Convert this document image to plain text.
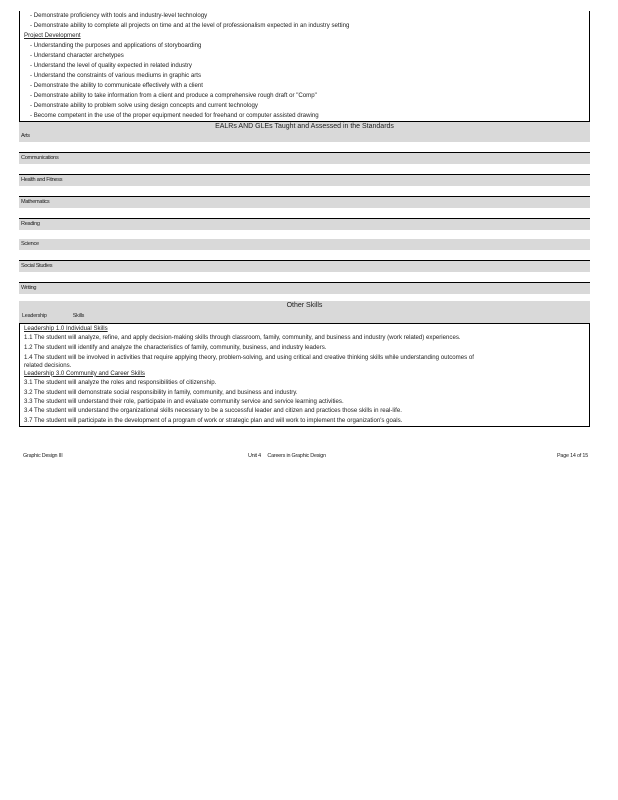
- Demonstrate proficiency with tools and industry-level technology
- Demonstrate ability to complete all projects on time and at the level of professionalism expected in an industry setting
Project Development
- Understanding the purposes and applications of storyboarding
- Understand character archetypes
- Understand the level of quality expected in related industry
- Understand the constraints of various mediums in graphic arts
- Demonstrate the ability to communicate effectively with a client
- Demonstrate ability to take information from a client and produce a comprehensive rough draft or "Comp"
- Demonstrate ability to problem solve using design concepts and current technology
- Become competent in the use of the proper equipment needed for freehand or computer assisted drawing
EALRs AND GLEs Taught and Assessed in the Standards
Arts
Communications
Health and Fitness
Mathematics
Reading
Science
Social Studies
Writing
Other Skills
Leadership	Skills
Leadership 1.0 Individual Skills
1.1 The student will analyze, refine, and apply decision-making skills through classroom, family, community, and business and industry (work related) experiences.
1.2 The student will identify and analyze the characteristics of family, community, business, and industry leaders.
1.4 The student will be involved in activities that require applying theory, problem-solving, and using critical and creative thinking skills while understanding outcomes of
related decisions.
Leadership 3.0 Community and Career Skills
3.1 The student will analyze the roles and responsibilities of citizenship.
3.2 The student will demonstrate social responsibility in family, community, and business and industry.
3.3 The student will understand their role, participate in and evaluate community service and service learning activities.
3.4 The student will understand the organizational skills necessary to be a successful leader and citizen and practices those skills in real-life.
3.7 The student will participate in the development of a program of work or strategic plan and will work to implement the organization's goals.
Graphic Design III	Unit 4     Careers in Graphic Design	Page 14 of 15
